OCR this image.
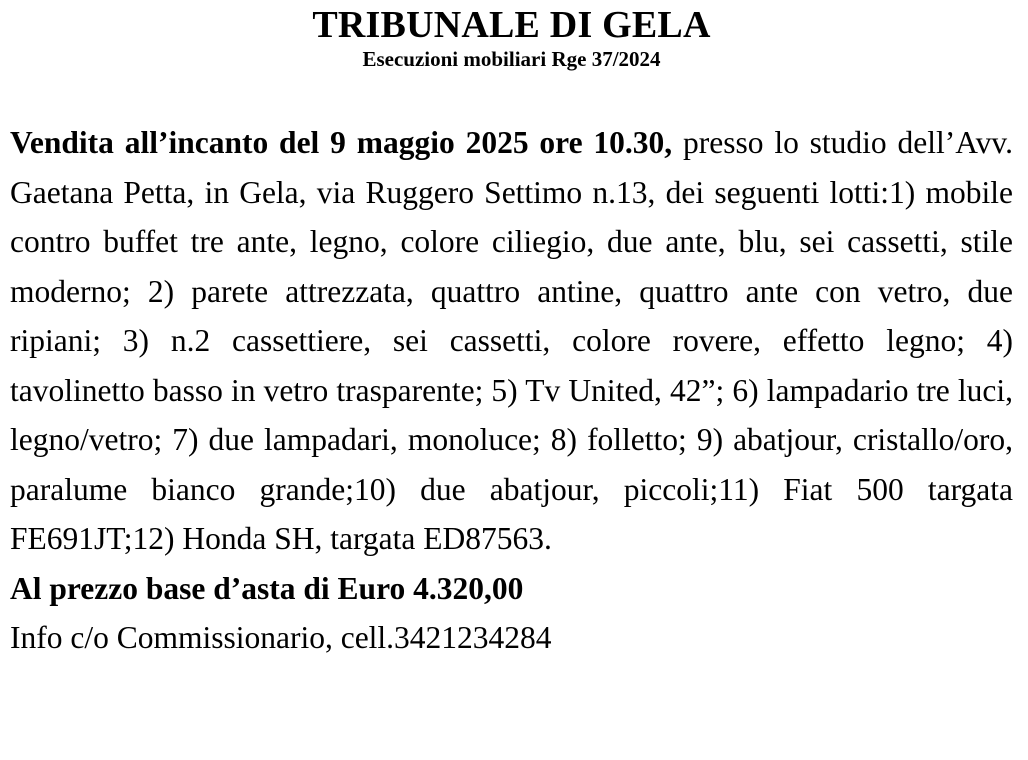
TRIBUNALE DI GELA

Esecuzioni mobiliari Rge 37/2024

Vendita all’incanto del 9 maggio 2025 ore 10.30, presso lo studio dell’Avv. Gaetana Petta, in Gela, via Ruggero Settimo n.13, dei seguenti lotti:1) mobile contro buffet tre ante, legno, colore ciliegio, due ante, blu, sei cassetti, stile moderno; 2) parete attrezzata, quattro antine, quattro ante con vetro, due ripiani; 3) n.2 cassettiere, sei cassetti, colore rovere, effetto legno; 4) tavolinetto basso in vetro trasparente; 5) Tv United, 42”; 6) lampadario tre luci, legno/vetro; 7) due lampadari, monoluce; 8) folletto; 9) abatjour, cristallo/oro, paralume bianco grande;10) due abatjour, piccoli;11) Fiat 500 targata FE691JT;12) Honda SH, targata ED87563.

Al prezzo base d’asta di Euro 4.320,00

Info c/o Commissionario, cell.3421234284
